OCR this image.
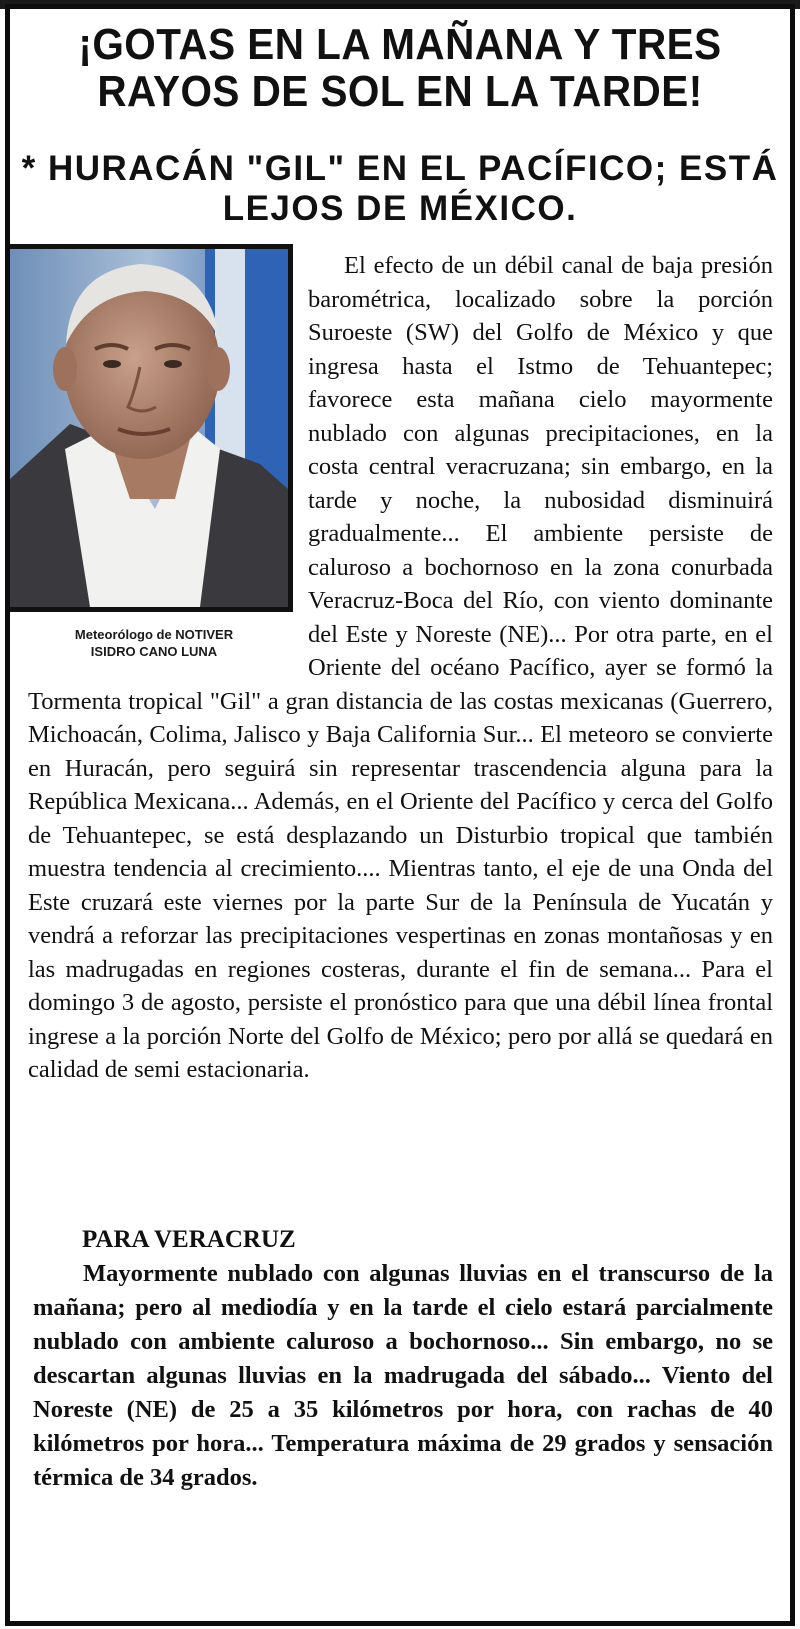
¡GOTAS EN LA MAÑANA Y TRES RAYOS DE SOL EN LA TARDE!
* HURACÁN "GIL" EN EL PACÍFICO; ESTÁ LEJOS DE MÉXICO.
Meteorólogo de NOTIVER
ISIDRO CANO LUNA
El efecto de un débil canal de baja presión barométrica, localizado sobre la porción Suroeste (SW) del Golfo de México y que ingresa hasta el Istmo de Tehuantepec; favorece esta mañana cielo mayormente nublado con algunas precipitaciones, en la costa central veracruzana; sin embargo, en la tarde y noche, la nubosidad disminuirá gradualmente... El ambiente persiste de caluroso a bochornoso en la zona conurbada Veracruz-Boca del Río, con viento dominante del Este y Noreste (NE)... Por otra parte, en el Oriente del océano Pacífico, ayer se formó la Tormenta tropical "Gil" a gran distancia de las costas mexicanas (Guerrero, Michoacán, Colima, Jalisco y Baja California Sur... El meteoro se convierte en Huracán, pero seguirá sin representar trascendencia alguna para la República Mexicana... Además, en el Oriente del Pacífico y cerca del Golfo de Tehuantepec, se está desplazando un Disturbio tropical que también muestra tendencia al crecimiento.... Mientras tanto, el eje de una Onda del Este cruzará este viernes por la parte Sur de la Península de Yucatán y vendrá a reforzar las precipitaciones vespertinas en zonas montañosas y en las madrugadas en regiones costeras, durante el fin de semana... Para el domingo 3 de agosto, persiste el pronóstico para que una débil línea frontal ingrese a la porción Norte del Golfo de México; pero por allá se quedará en calidad de semi estacionaria.
PARA VERACRUZ

Mayormente nublado con algunas lluvias en el transcurso de la mañana; pero al mediodía y en la tarde el cielo estará parcialmente nublado con ambiente caluroso a bochornoso... Sin embargo, no se descartan algunas lluvias en la madrugada del sábado... Viento del Noreste (NE) de 25 a 35 kilómetros por hora, con rachas de 40 kilómetros por hora... Temperatura máxima de 29 grados y sensación térmica de 34 grados.
